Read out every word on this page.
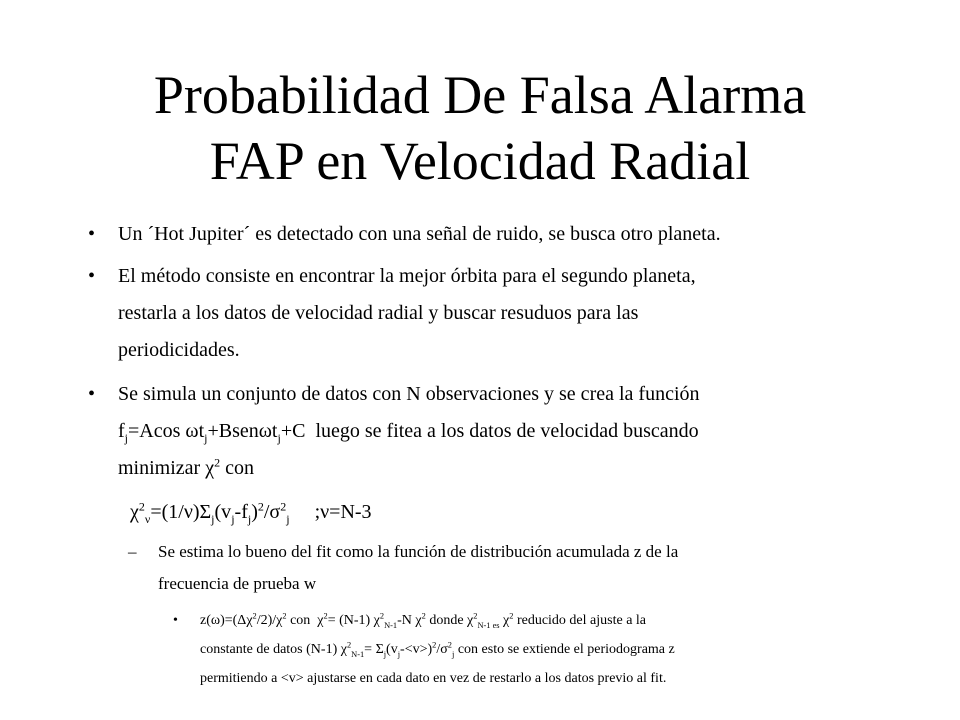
Probabilidad De Falsa Alarma
FAP en Velocidad Radial
• Un ´Hot Jupiter´ es detectado con una señal de ruido, se busca otro planeta.
• El método consiste en encontrar la mejor órbita para el segundo planeta,
restarla a los datos de velocidad radial y buscar resuduos para las
periodicidades.
• Se simula un conjunto de datos con N observaciones y se crea la función
$f_j=Acos$ $\omega t_j+Bsen\omega t_j+C$ luego se fitea a los datos de velocidad buscando
minimizar $\chi^2$ con
$\chi^2_\nu=(1/\nu)\Sigma_j(v_j-f_j)^2/\sigma^2_j$     ;ν=N-3
– Se estima lo bueno del fit como la función de distribución acumulada z de la
frecuencia de prueba w
• $z(\omega)=(\Delta\chi^2/2)/\chi^2$ con  $\chi^2= (N-1)$ $\chi^2_{N-1}-N$ $\chi^2$ donde $\chi^2_{N-1 es}$ $\chi^2$ reducido del ajuste a la
constante de datos (N-1) $\chi^2_{N-1}= \Sigma_j(v_j-<v>)^2/\sigma^2_j$ con esto se extiende el periodograma z
permitiendo a <v> ajustarse en cada dato en vez de restarlo a los datos previo al fit.
